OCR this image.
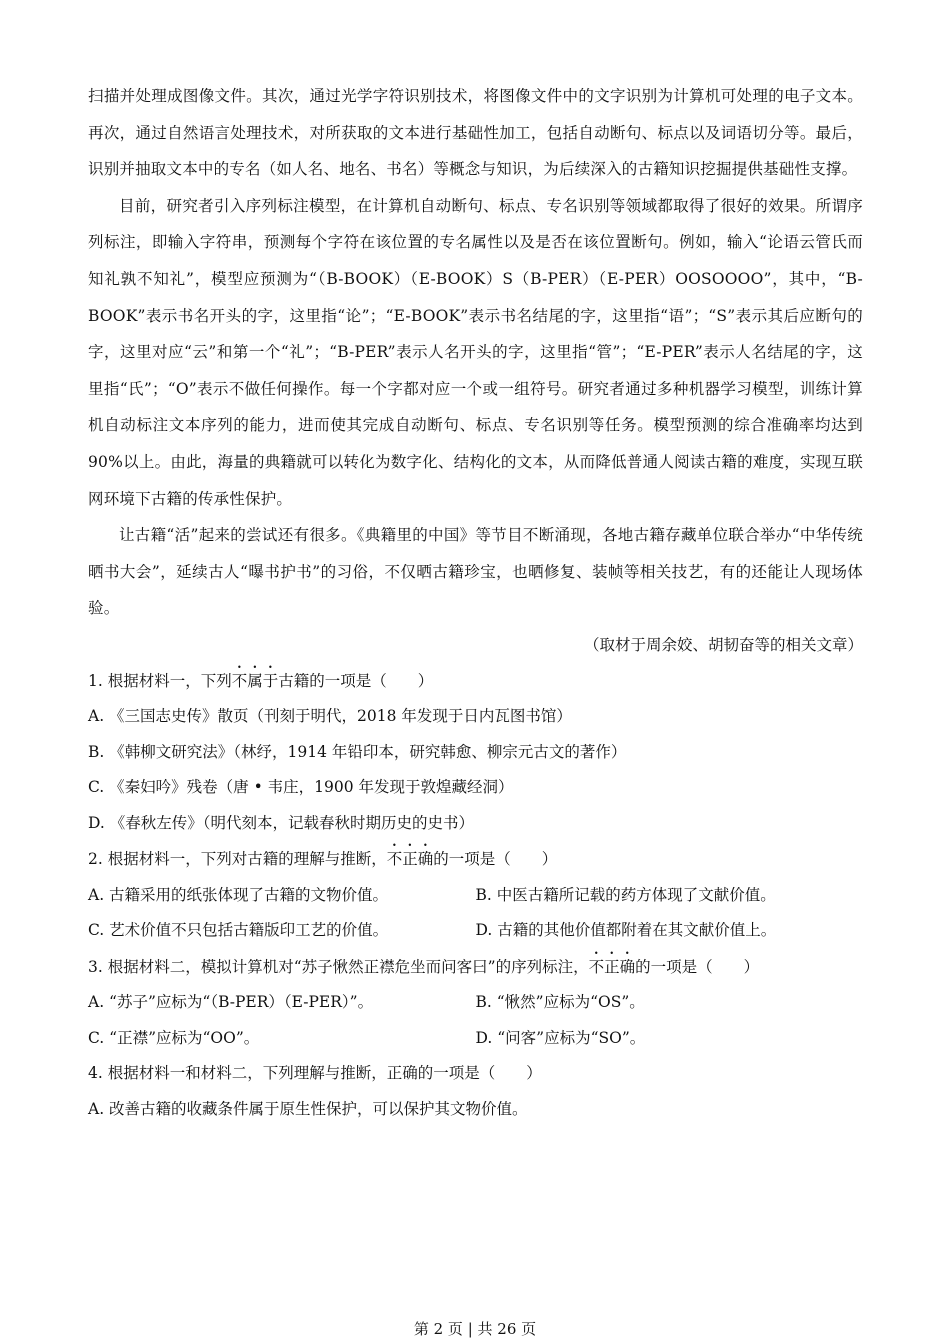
扫描并处理成图像文件。其次，通过光学字符识别技术，将图像文件中的文字识别为计算机可处理的电子文本。再次，通过自然语言处理技术，对所获取的文本进行基础性加工，包括自动断句、标点以及词语切分等。最后，识别并抽取文本中的专名（如人名、地名、书名）等概念与知识，为后续深入的古籍知识挖掘提供基础性支撑。

目前，研究者引入序列标注模型，在计算机自动断句、标点、专名识别等领域都取得了很好的效果。所谓序列标注，即输入字符串，预测每个字符在该位置的专名属性以及是否在该位置断句。例如，输入“论语云管氏而知礼孰不知礼”，模型应预测为“（B-BOOK）（E-BOOK）S（B-PER）（E-PER）OOSOOOO”，其中，“B-BOOK”表示书名开头的字，这里指“论”；“E-BOOK”表示书名结尾的字，这里指“语”；“S”表示其后应断句的字，这里对应“云”和第一个“礼”；“B-PER”表示人名开头的字，这里指“管”；“E-PER”表示人名结尾的字，这里指“氏”；“O”表示不做任何操作。每一个字都对应一个或一组符号。研究者通过多种机器学习模型，训练计算机自动标注文本序列的能力，进而使其完成自动断句、标点、专名识别等任务。模型预测的综合准确率均达到90%以上。由此，海量的典籍就可以转化为数字化、结构化的文本，从而降低普通人阅读古籍的难度，实现互联网环境下古籍的传承性保护。

让古籍“活”起来的尝试还有很多。《典籍里的中国》等节目不断涌现，各地古籍存藏单位联合举办“中华传统晒书大会”，延续古人“曝书护书”的习俗，不仅晒古籍珍宝，也晒修复、装帧等相关技艺，有的还能让人现场体验。

（取材于周余姣、胡韧奋等的相关文章）

1. 根据材料一，下列不属于古籍的一项是（　　）

A. 《三国志史传》散页（刊刻于明代，2018 年发现于日内瓦图书馆）

B. 《韩柳文研究法》（林纾，1914 年铅印本，研究韩愈、柳宗元古文的著作）

C. 《秦妇吟》残卷（唐 • 韦庄，1900 年发现于敦煌藏经洞）

D. 《春秋左传》（明代刻本，记载春秋时期历史的史书）

2. 根据材料一，下列对古籍的理解与推断，不正确的一项是（　　）

A. 古籍采用的纸张体现了古籍的文物价值。	B. 中医古籍所记载的药方体现了文献价值。
C. 艺术价值不只包括古籍版印工艺的价值。	D. 古籍的其他价值都附着在其文献价值上。

3. 根据材料二，模拟计算机对“苏子愀然正襟危坐而问客曰”的序列标注，不正确的一项是（　　）

A. “苏子”应标为“（B-PER）（E-PER）”。	B. “愀然”应标为“OS”。
C. “正襟”应标为“OO”。	D. “问客”应标为“SO”。

4. 根据材料一和材料二，下列理解与推断，正确的一项是（　　）

A. 改善古籍的收藏条件属于原生性保护，可以保护其文物价值。

第 2 页 | 共 26 页
